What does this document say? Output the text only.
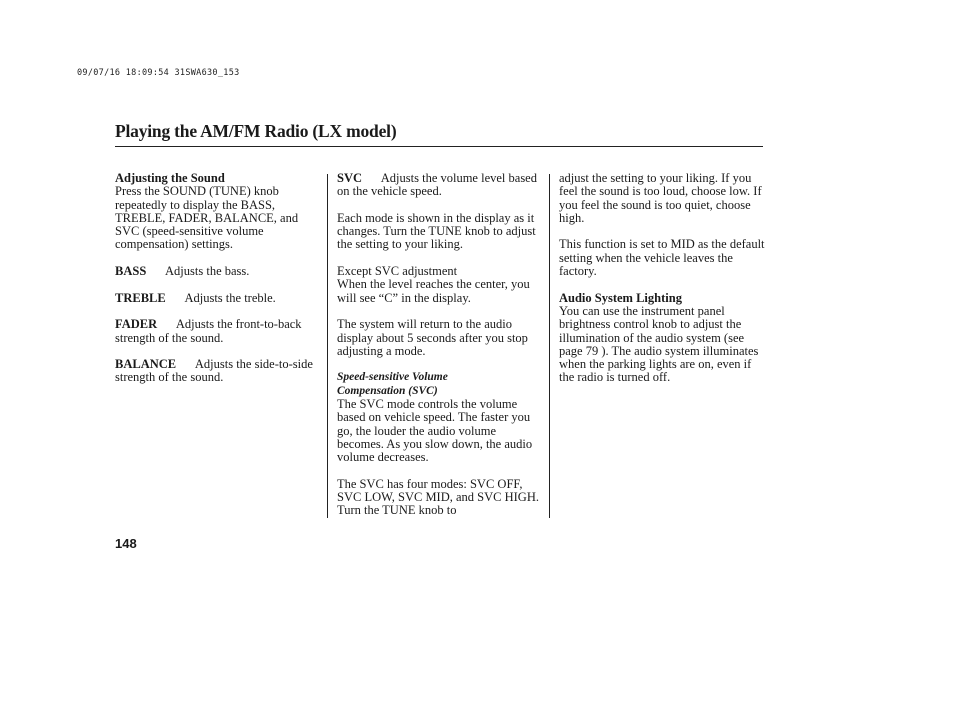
09/07/16 18:09:54 31SWA630_153
Playing the AM/FM Radio (LX model)
Adjusting the Sound

Press the SOUND (TUNE) knob repeatedly to display the BASS, TREBLE, FADER, BALANCE, and SVC (speed-sensitive volume compensation) settings.

BASS Adjusts the bass.

TREBLE Adjusts the treble.

FADER Adjusts the front-to-back strength of the sound.

BALANCE Adjusts the side-to-side strength of the sound.

SVC Adjusts the volume level based on the vehicle speed.

Each mode is shown in the display as it changes. Turn the TUNE knob to adjust the setting to your liking.

Except SVC adjustment

When the level reaches the center, you will see “C” in the display.

The system will return to the audio display about 5 seconds after you stop adjusting a mode.

Speed-sensitive Volume
Compensation (SVC)

The SVC mode controls the volume based on vehicle speed. The faster you go, the louder the audio volume becomes. As you slow down, the audio volume decreases.

The SVC has four modes: SVC OFF, SVC LOW, SVC MID, and SVC HIGH. Turn the TUNE knob to

adjust the setting to your liking. If you feel the sound is too loud, choose low. If you feel the sound is too quiet, choose high.

This function is set to MID as the default setting when the vehicle leaves the factory.

Audio System Lighting

You can use the instrument panel brightness control knob to adjust the illumination of the audio system (see page 79 ). The audio system illuminates when the parking lights are on, even if the radio is turned off.

148
